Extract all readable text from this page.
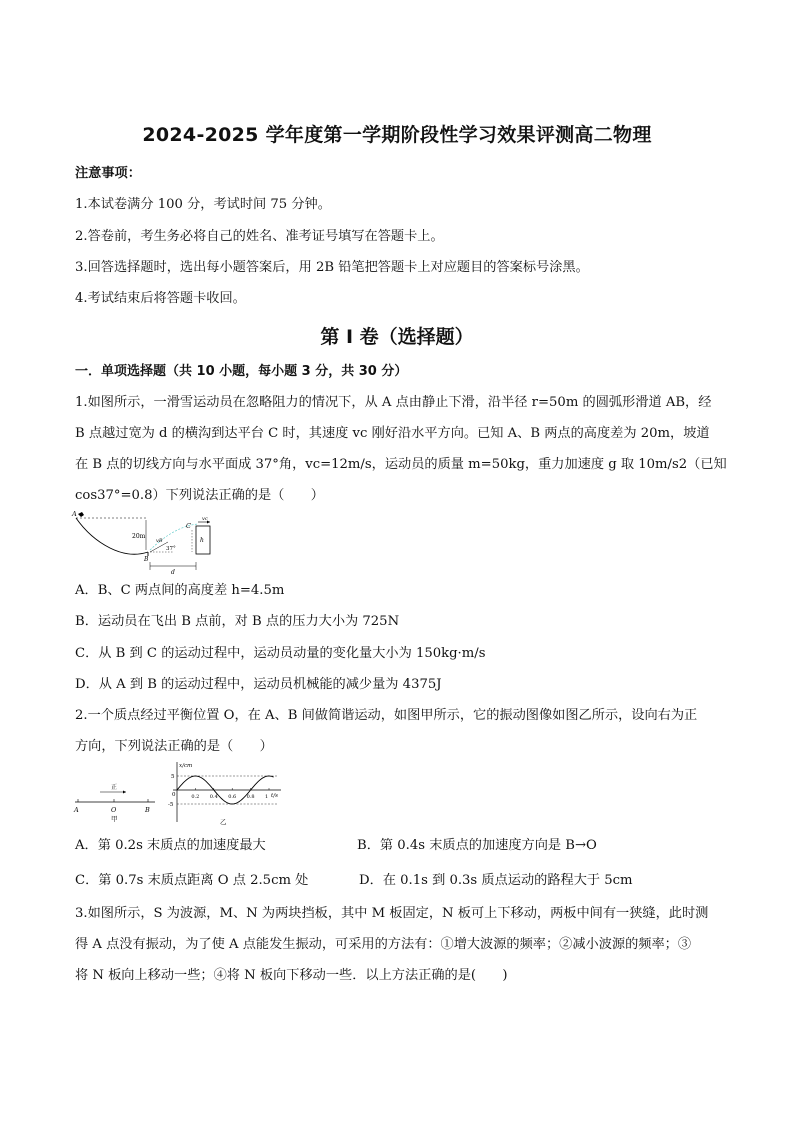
2024-2025 学年度第一学期阶段性学习效果评测高二物理
注意事项：
1.本试卷满分 100 分，考试时间 75 分钟。
2.答卷前，考生务必将自己的姓名、准考证号填写在答题卡上。
3.回答选择题时，选出每小题答案后，用 2B 铅笔把答题卡上对应题目的答案标号涂黑。
4.考试结束后将答题卡收回。
第 I 卷（选择题）
一．单项选择题（共 10 小题，每小题 3 分，共 30 分）
1.如图所示，一滑雪运动员在忽略阻力的情况下，从 A 点由静止下滑，沿半径 r=50m 的圆弧形滑道 AB，经
B 点越过宽为 d 的横沟到达平台 C 时，其速度 vc 刚好沿水平方向。已知 A、B 两点的高度差为 20m，坡道
在 B 点的切线方向与水平面成 37°角，vc=12m/s，运动员的质量 m=50kg，重力加速度 g 取 10m/s2（已知
cos37°=0.8）下列说法正确的是（　　）
20m
B
37°
vB
C
vc
h
d
A
A．B、C 两点间的高度差 h=4.5m
B．运动员在飞出 B 点前，对 B 点的压力大小为 725N
C．从 B 到 C 的运动过程中，运动员动量的变化量大小为 150kg·m/s
D．从 A 到 B 的运动过程中，运动员机械能的减少量为 4375J
2.一个质点经过平衡位置 O，在 A、B 间做简谐运动，如图甲所示，它的振动图像如图乙所示，设向右为正
方向，下列说法正确的是（　　）
正
A	O	B
甲
x/cm
t/s
5
-5
0	0.2 0.4 0.6 0.8 1
乙
A．第 0.2s 末质点的加速度最大	B．第 0.4s 末质点的加速度方向是 B→O
C．第 0.7s 末质点距离 O 点 2.5cm 处	D．在 0.1s 到 0.3s 质点运动的路程大于 5cm
3.如图所示，S 为波源，M、N 为两块挡板，其中 M 板固定，N 板可上下移动，两板中间有一狭缝，此时测
得 A 点没有振动，为了使 A 点能发生振动，可采用的方法有：①增大波源的频率；②减小波源的频率；③
将 N 板向上移动一些；④将 N 板向下移动一些．以上方法正确的是(　　)
